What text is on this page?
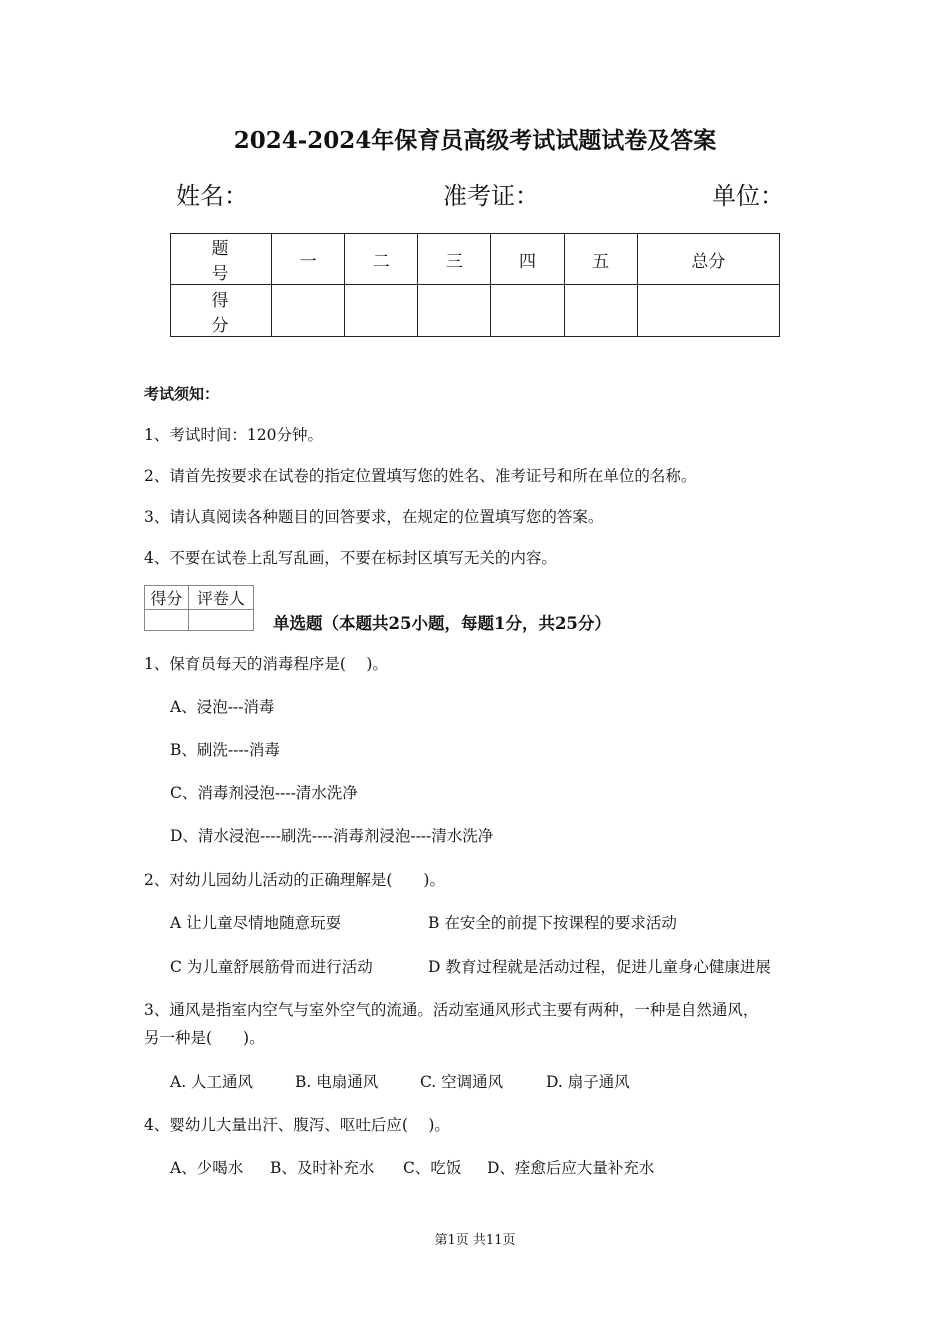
2024-2024年保育员高级考试试题试卷及答案
姓名：	准考证：	单位：
题　号	一	二	三	四	五	总分
得　分						
考试须知：
1、考试时间：120分钟。
2、请首先按要求在试卷的指定位置填写您的姓名、准考证号和所在单位的名称。
3、请认真阅读各种题目的回答要求，在规定的位置填写您的答案。
4、不要在试卷上乱写乱画，不要在标封区填写无关的内容。
得分	评卷人

单选题（本题共25小题，每题1分，共25分）
1、保育员每天的消毒程序是(　 )。
A、浸泡---消毒
B、刷洗----消毒
C、消毒剂浸泡----清水洗净
D、清水浸泡----刷洗----消毒剂浸泡----清水洗净
2、对幼儿园幼儿活动的正确理解是(　　)。
A 让儿童尽情地随意玩耍	B 在安全的前提下按课程的要求活动
C 为儿童舒展筋骨而进行活动	D 教育过程就是活动过程，促进儿童身心健康进展
3、通风是指室内空气与室外空气的流通。活动室通风形式主要有两种，一种是自然通风，
另一种是(　　)。
A. 人工通风	B. 电扇通风	C. 空调通风	D. 扇子通风
4、婴幼儿大量出汗、腹泻、呕吐后应(　 )。
A、少喝水 B、及时补充水 C、吃饭 D、痊愈后应大量补充水
第1页 共11页
